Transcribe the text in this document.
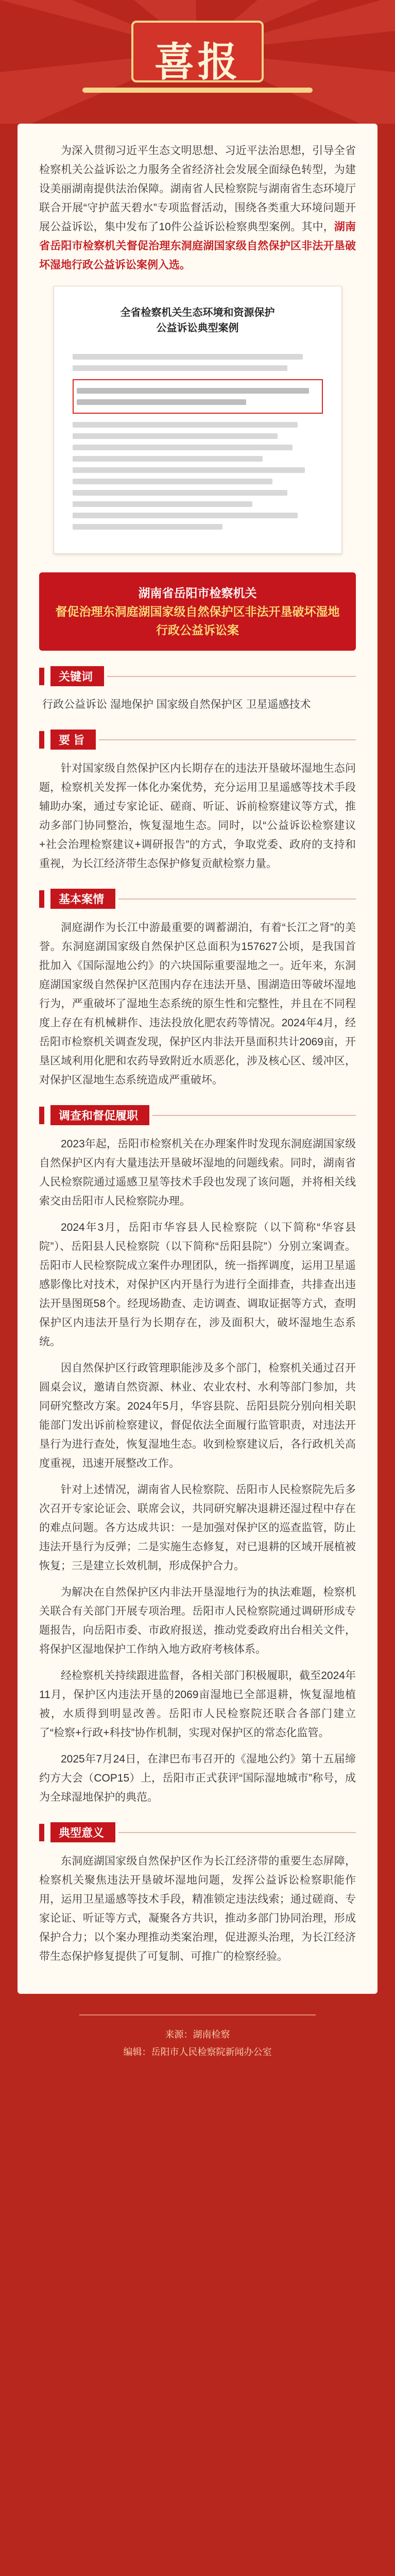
喜报

为深入贯彻习近平生态文明思想、习近平法治思想，引导全省检察机关公益诉讼之力服务全省经济社会发展全面绿色转型，为建设美丽湖南提供法治保障。湖南省人民检察院与湖南省生态环境厅联合开展“守护蓝天碧水”专项监督活动，围绕各类重大环境问题开展公益诉讼，集中发布了10件公益诉讼检察典型案例。其中，湖南省岳阳市检察机关督促治理东洞庭湖国家级自然保护区非法开垦破坏湿地行政公益诉讼案例入选。

全省检察机关生态环境和资源保护
公益诉讼典型案例
湖南省岳阳市检察机关
督促治理东洞庭湖国家级自然保护区非法开垦破坏湿地行政公益诉讼案
关键词
行政公益诉讼 湿地保护 国家级自然保护区 卫星遥感技术
要 旨

针对国家级自然保护区内长期存在的违法开垦破坏湿地生态问题，检察机关发挥一体化办案优势，充分运用卫星遥感等技术手段辅助办案，通过专家论证、磋商、听证、诉前检察建议等方式，推动多部门协同整治，恢复湿地生态。同时，以“公益诉讼检察建议+社会治理检察建议+调研报告”的方式，争取党委、政府的支持和重视，为长江经济带生态保护修复贡献检察力量。

基本案情

洞庭湖作为长江中游最重要的调蓄湖泊，有着“长江之肾”的美誉。东洞庭湖国家级自然保护区总面积为157627公顷，是我国首批加入《国际湿地公约》的六块国际重要湿地之一。近年来，东洞庭湖国家级自然保护区范围内存在违法开垦、围湖造田等破坏湿地行为，严重破坏了湿地生态系统的原生性和完整性，并且在不同程度上存在有机械耕作、违法投放化肥农药等情况。2024年4月，经岳阳市检察机关调查发现，保护区内非法开垦面积共计2069亩，开垦区域利用化肥和农药导致附近水质恶化，涉及核心区、缓冲区，对保护区湿地生态系统造成严重破坏。

调查和督促履职

2023年起，岳阳市检察机关在办理案件时发现东洞庭湖国家级自然保护区内有大量违法开垦破坏湿地的问题线索。同时，湖南省人民检察院通过遥感卫星等技术手段也发现了该问题，并将相关线索交由岳阳市人民检察院办理。

2024年3月，岳阳市华容县人民检察院（以下简称“华容县院”）、岳阳县人民检察院（以下简称“岳阳县院”）分别立案调查。岳阳市人民检察院成立案件办理团队，统一指挥调度，运用卫星遥感影像比对技术，对保护区内开垦行为进行全面排查，共排查出违法开垦图斑58个。经现场勘查、走访调查、调取证据等方式，查明保护区内违法开垦行为长期存在，涉及面积大，破坏湿地生态系统。

因自然保护区行政管理职能涉及多个部门，检察机关通过召开圆桌会议，邀请自然资源、林业、农业农村、水利等部门参加，共同研究整改方案。2024年5月，华容县院、岳阳县院分别向相关职能部门发出诉前检察建议，督促依法全面履行监管职责，对违法开垦行为进行查处，恢复湿地生态。收到检察建议后，各行政机关高度重视，迅速开展整改工作。

针对上述情况，湖南省人民检察院、岳阳市人民检察院先后多次召开专家论证会、联席会议，共同研究解决退耕还湿过程中存在的难点问题。各方达成共识：一是加强对保护区的巡查监管，防止违法开垦行为反弹；二是实施生态修复，对已退耕的区域开展植被恢复；三是建立长效机制，形成保护合力。

为解决在自然保护区内非法开垦湿地行为的执法难题，检察机关联合有关部门开展专项治理。岳阳市人民检察院通过调研形成专题报告，向岳阳市委、市政府报送，推动党委政府出台相关文件，将保护区湿地保护工作纳入地方政府考核体系。

经检察机关持续跟进监督，各相关部门积极履职，截至2024年11月，保护区内违法开垦的2069亩湿地已全部退耕，恢复湿地植被，水质得到明显改善。岳阳市人民检察院还联合各部门建立了“检察+行政+科技”协作机制，实现对保护区的常态化监管。

2025年7月24日，在津巴布韦召开的《湿地公约》第十五届缔约方大会（COP15）上，岳阳市正式获评“国际湿地城市”称号，成为全球湿地保护的典范。

典型意义

东洞庭湖国家级自然保护区作为长江经济带的重要生态屏障，检察机关聚焦违法开垦破坏湿地问题，发挥公益诉讼检察职能作用，运用卫星遥感等技术手段，精准锁定违法线索；通过磋商、专家论证、听证等方式，凝聚各方共识，推动多部门协同治理，形成保护合力；以个案办理推动类案治理，促进源头治理，为长江经济带生态保护修复提供了可复制、可推广的检察经验。

来源：湖南检察
编辑：岳阳市人民检察院新闻办公室
